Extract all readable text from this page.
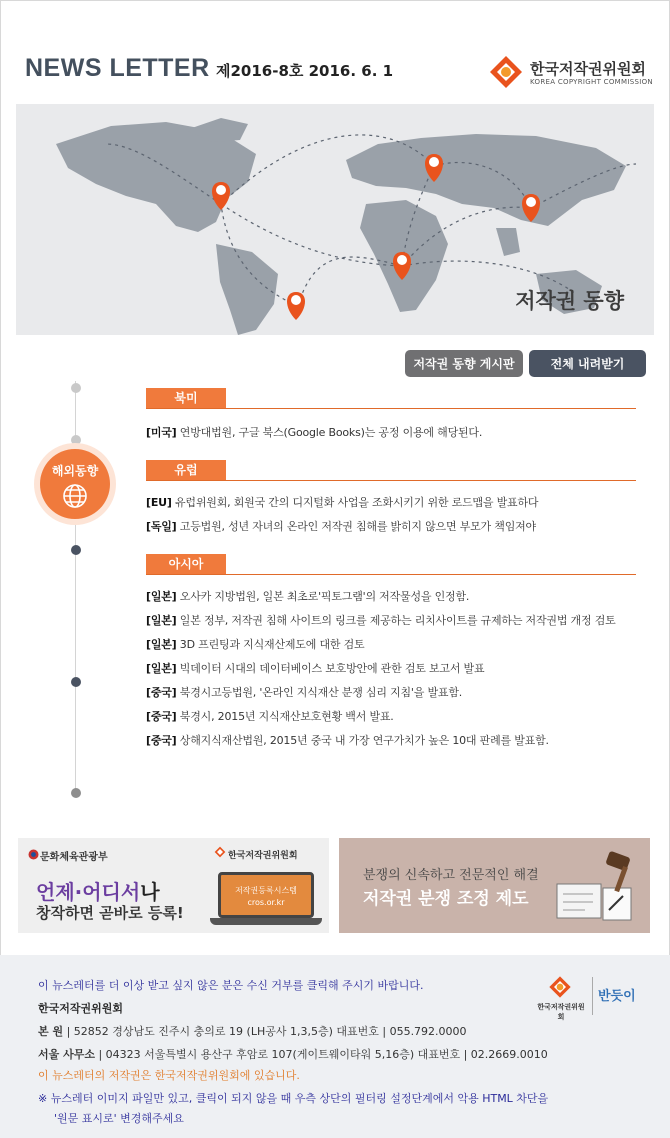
NEWS LETTER 제2016-8호 2016. 6. 1	한국저작권위원회
KOREA COPYRIGHT COMMISSION
저작권 동향
저작권 동향 게시판	전체 내려받기
해외동향
북미
[미국] 연방대법원, 구글 북스(Google Books)는 공정 이용에 해당된다.
유럽
[EU] 유럽위원회, 회원국 간의 디지털화 사업을 조화시키기 위한 로드맵을 발표하다
[독일] 고등법원, 성년 자녀의 온라인 저작권 침해를 밝히지 않으면 부모가 책임져야
아시아
[일본] 오사카 지방법원, 일본 최초로'픽토그램'의 저작물성을 인정함.
[일본] 일본 정부, 저작권 침해 사이트의 링크를 제공하는 리치사이트를 규제하는 저작권법 개정 검토
[일본] 3D 프린팅과 지식재산제도에 대한 검토
[일본] 빅데이터 시대의 데이터베이스 보호방안에 관한 검토 보고서 발표
[중국] 북경시고등법원, '온라인 지식재산 분쟁 심리 지침'을 발표함.
[중국] 북경시, 2015년 지식재산보호현황 백서 발표.
[중국] 상해지식재산법원, 2015년 중국 내 가장 연구가치가 높은 10대 판례를 발표함.
문화체육관광부	한국저작권위원회
언제·어디서나
창작하면 곧바로 등록!
저작권등록시스템
cros.or.kr
분쟁의 신속하고 전문적인 해결
저작권 분쟁 조정 제도
이 뉴스레터를 더 이상 받고 싶지 않은 분은 수신 거부를 클릭해 주시기 바랍니다.
한국저작권위원회
본 원 | 52852 경상남도 진주시 충의로 19 (LH공사 1,3,5층) 대표번호 | 055.792.0000
서울 사무소 | 04323 서울특별시 용산구 후암로 107(게이트웨이타워 5,16층) 대표번호 | 02.2669.0010
이 뉴스레터의 저작권은 한국저작권위원회에 있습니다.
※ 뉴스레터 이미지 파일만 있고, 클릭이 되지 않을 때 우측 상단의 필터링 설정단계에서 악용 HTML 차단을
'원문 표시로' 변경해주세요
한국저작권위원회
반듯이
